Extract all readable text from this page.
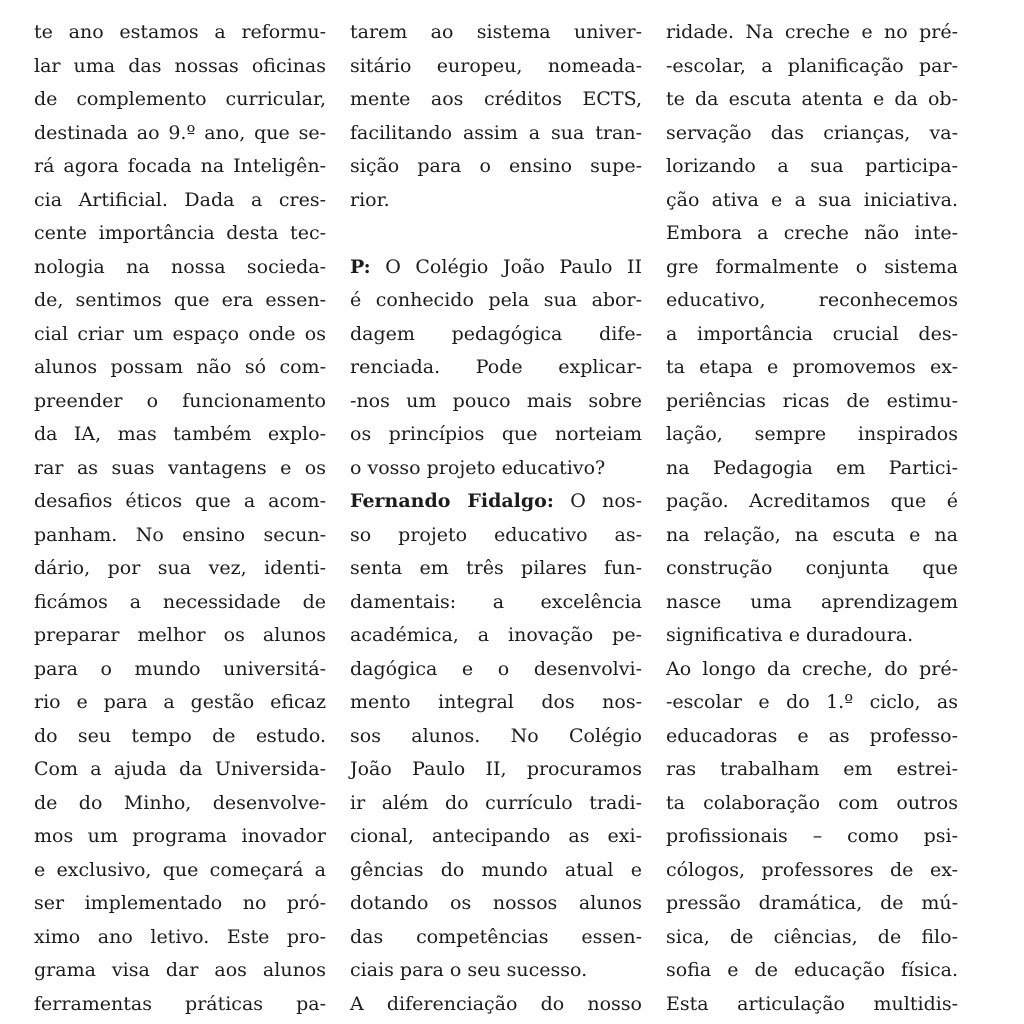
te ano estamos a reformu-
lar uma das nossas oficinas
de complemento curricular,
destinada ao 9.º ano, que se-
rá agora focada na Inteligên-
cia Artificial. Dada a cres-
cente importância desta tec-
nologia na nossa socieda-
de, sentimos que era essen-
cial criar um espaço onde os
alunos possam não só com-
preender o funcionamento
da IA, mas também explo-
rar as suas vantagens e os
desafios éticos que a acom-
panham. No ensino secun-
dário, por sua vez, identi-
ficámos a necessidade de
preparar melhor os alunos
para o mundo universitá-
rio e para a gestão eficaz
do seu tempo de estudo.
Com a ajuda da Universida-
de do Minho, desenvolve-
mos um programa inovador
e exclusivo, que começará a
ser implementado no pró-
ximo ano letivo. Este pro-
grama visa dar aos alunos
ferramentas práticas pa-
tarem ao sistema univer-
sitário europeu, nomeada-
mente aos créditos ECTS,
facilitando assim a sua tran-
sição para o ensino supe-
rior.
P: O Colégio João Paulo II
é conhecido pela sua abor-
dagem pedagógica dife-
renciada. Pode explicar-
-nos um pouco mais sobre
os princípios que norteiam
o vosso projeto educativo?
Fernando Fidalgo: O nos-
so projeto educativo as-
senta em três pilares fun-
damentais: a excelência
académica, a inovação pe-
dagógica e o desenvolvi-
mento integral dos nos-
sos alunos. No Colégio
João Paulo II, procuramos
ir além do currículo tradi-
cional, antecipando as exi-
gências do mundo atual e
dotando os nossos alunos
das competências essen-
ciais para o seu sucesso.
A diferenciação do nosso
ridade. Na creche e no pré-
-escolar, a planificação par-
te da escuta atenta e da ob-
servação das crianças, va-
lorizando a sua participa-
ção ativa e a sua iniciativa.
Embora a creche não inte-
gre formalmente o sistema
educativo, reconhecemos
a importância crucial des-
ta etapa e promovemos ex-
periências ricas de estimu-
lação, sempre inspirados
na Pedagogia em Partici-
pação. Acreditamos que é
na relação, na escuta e na
construção conjunta que
nasce uma aprendizagem
significativa e duradoura.
Ao longo da creche, do pré-
-escolar e do 1.º ciclo, as
educadoras e as professo-
ras trabalham em estrei-
ta colaboração com outros
profissionais – como psi-
cólogos, professores de ex-
pressão dramática, de mú-
sica, de ciências, de filo-
sofia e de educação física.
Esta articulação multidis-
